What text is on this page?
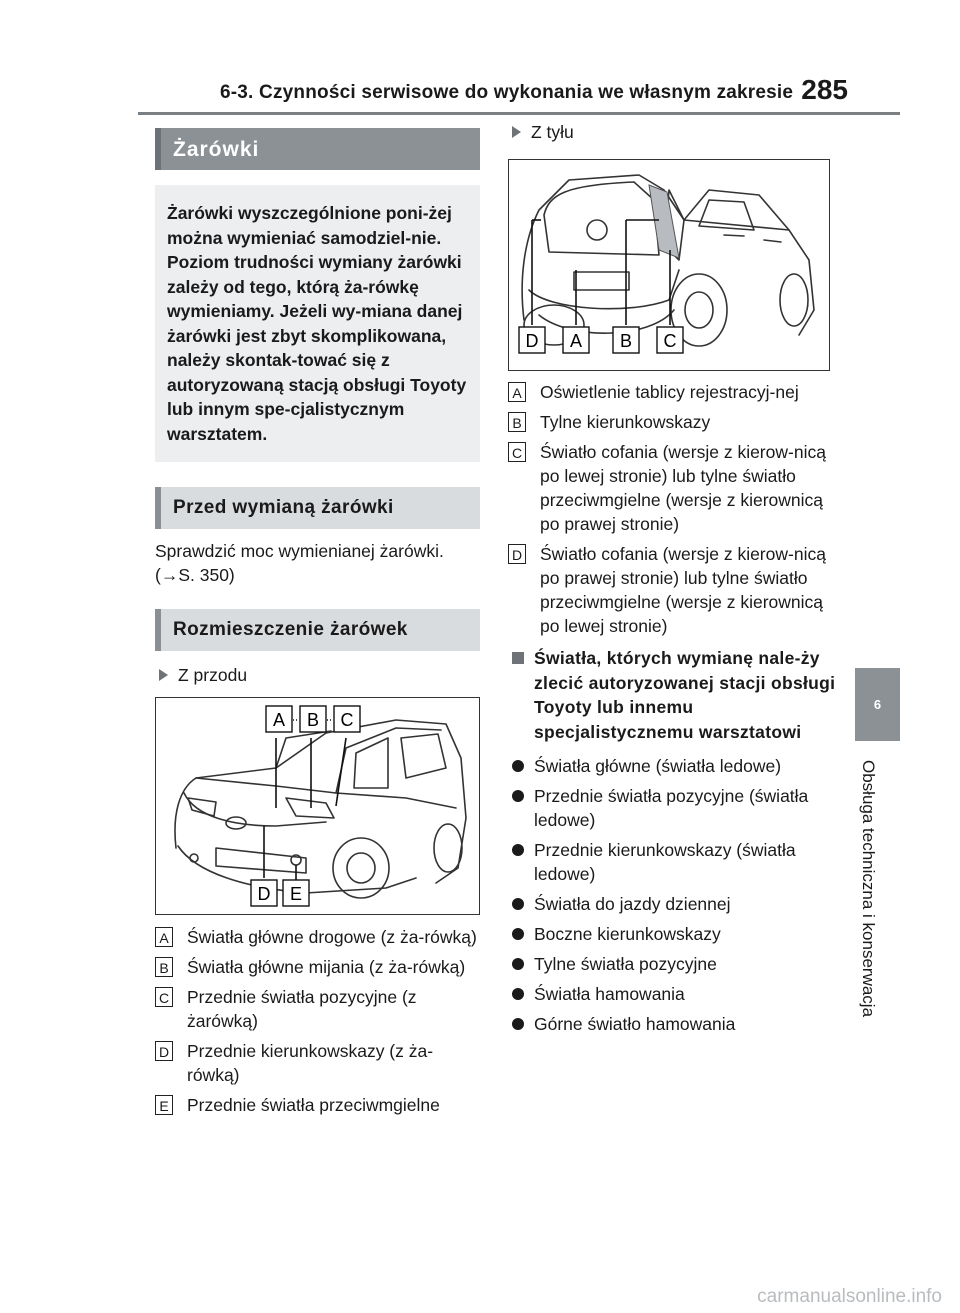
6-3. Czynności serwisowe do wykonania we własnym zakresie 285
Żarówki
Żarówki wyszczególnione poni-żej można wymieniać samodziel-nie. Poziom trudności wymiany żarówki zależy od tego, którą ża-rówkę wymieniamy. Jeżeli wy-miana danej żarówki jest zbyt skomplikowana, należy skontak-tować się z autoryzowaną stacją obsługi Toyoty lub innym spe-cjalistycznym warsztatem.
Przed wymianą żarówki
Sprawdzić moc wymienianej żarówki. (→S. 350)
Rozmieszczenie żarówek
Z przodu
A B C
D E
A Światła główne drogowe (z ża-rówką)
B Światła główne mijania (z ża-rówką)
C Przednie światła pozycyjne (z żarówką)
D Przednie kierunkowskazy (z ża-rówką)
E Przednie światła przeciwmgielne
Z tyłu
D A B C
A Oświetlenie tablicy rejestracyj-nej
B Tylne kierunkowskazy
C Światło cofania (wersje z kierow-nicą po lewej stronie) lub tylne światło przeciwmgielne (wersje z kierownicą po prawej stronie)
D Światło cofania (wersje z kierow-nicą po prawej stronie) lub tylne światło przeciwmgielne (wersje z kierownicą po lewej stronie)
Światła, których wymianę nale-ży zlecić autoryzowanej stacji obsługi Toyoty lub innemu specjalistycznemu warsztatowi
Światła główne (światła ledowe)
Przednie światła pozycyjne (światła ledowe)
Przednie kierunkowskazy (światła ledowe)
Światła do jazdy dziennej
Boczne kierunkowskazy
Tylne światła pozycyjne
Światła hamowania
Górne światło hamowania
6
Obsługa techniczna i konserwacja
carmanualsonline.info
